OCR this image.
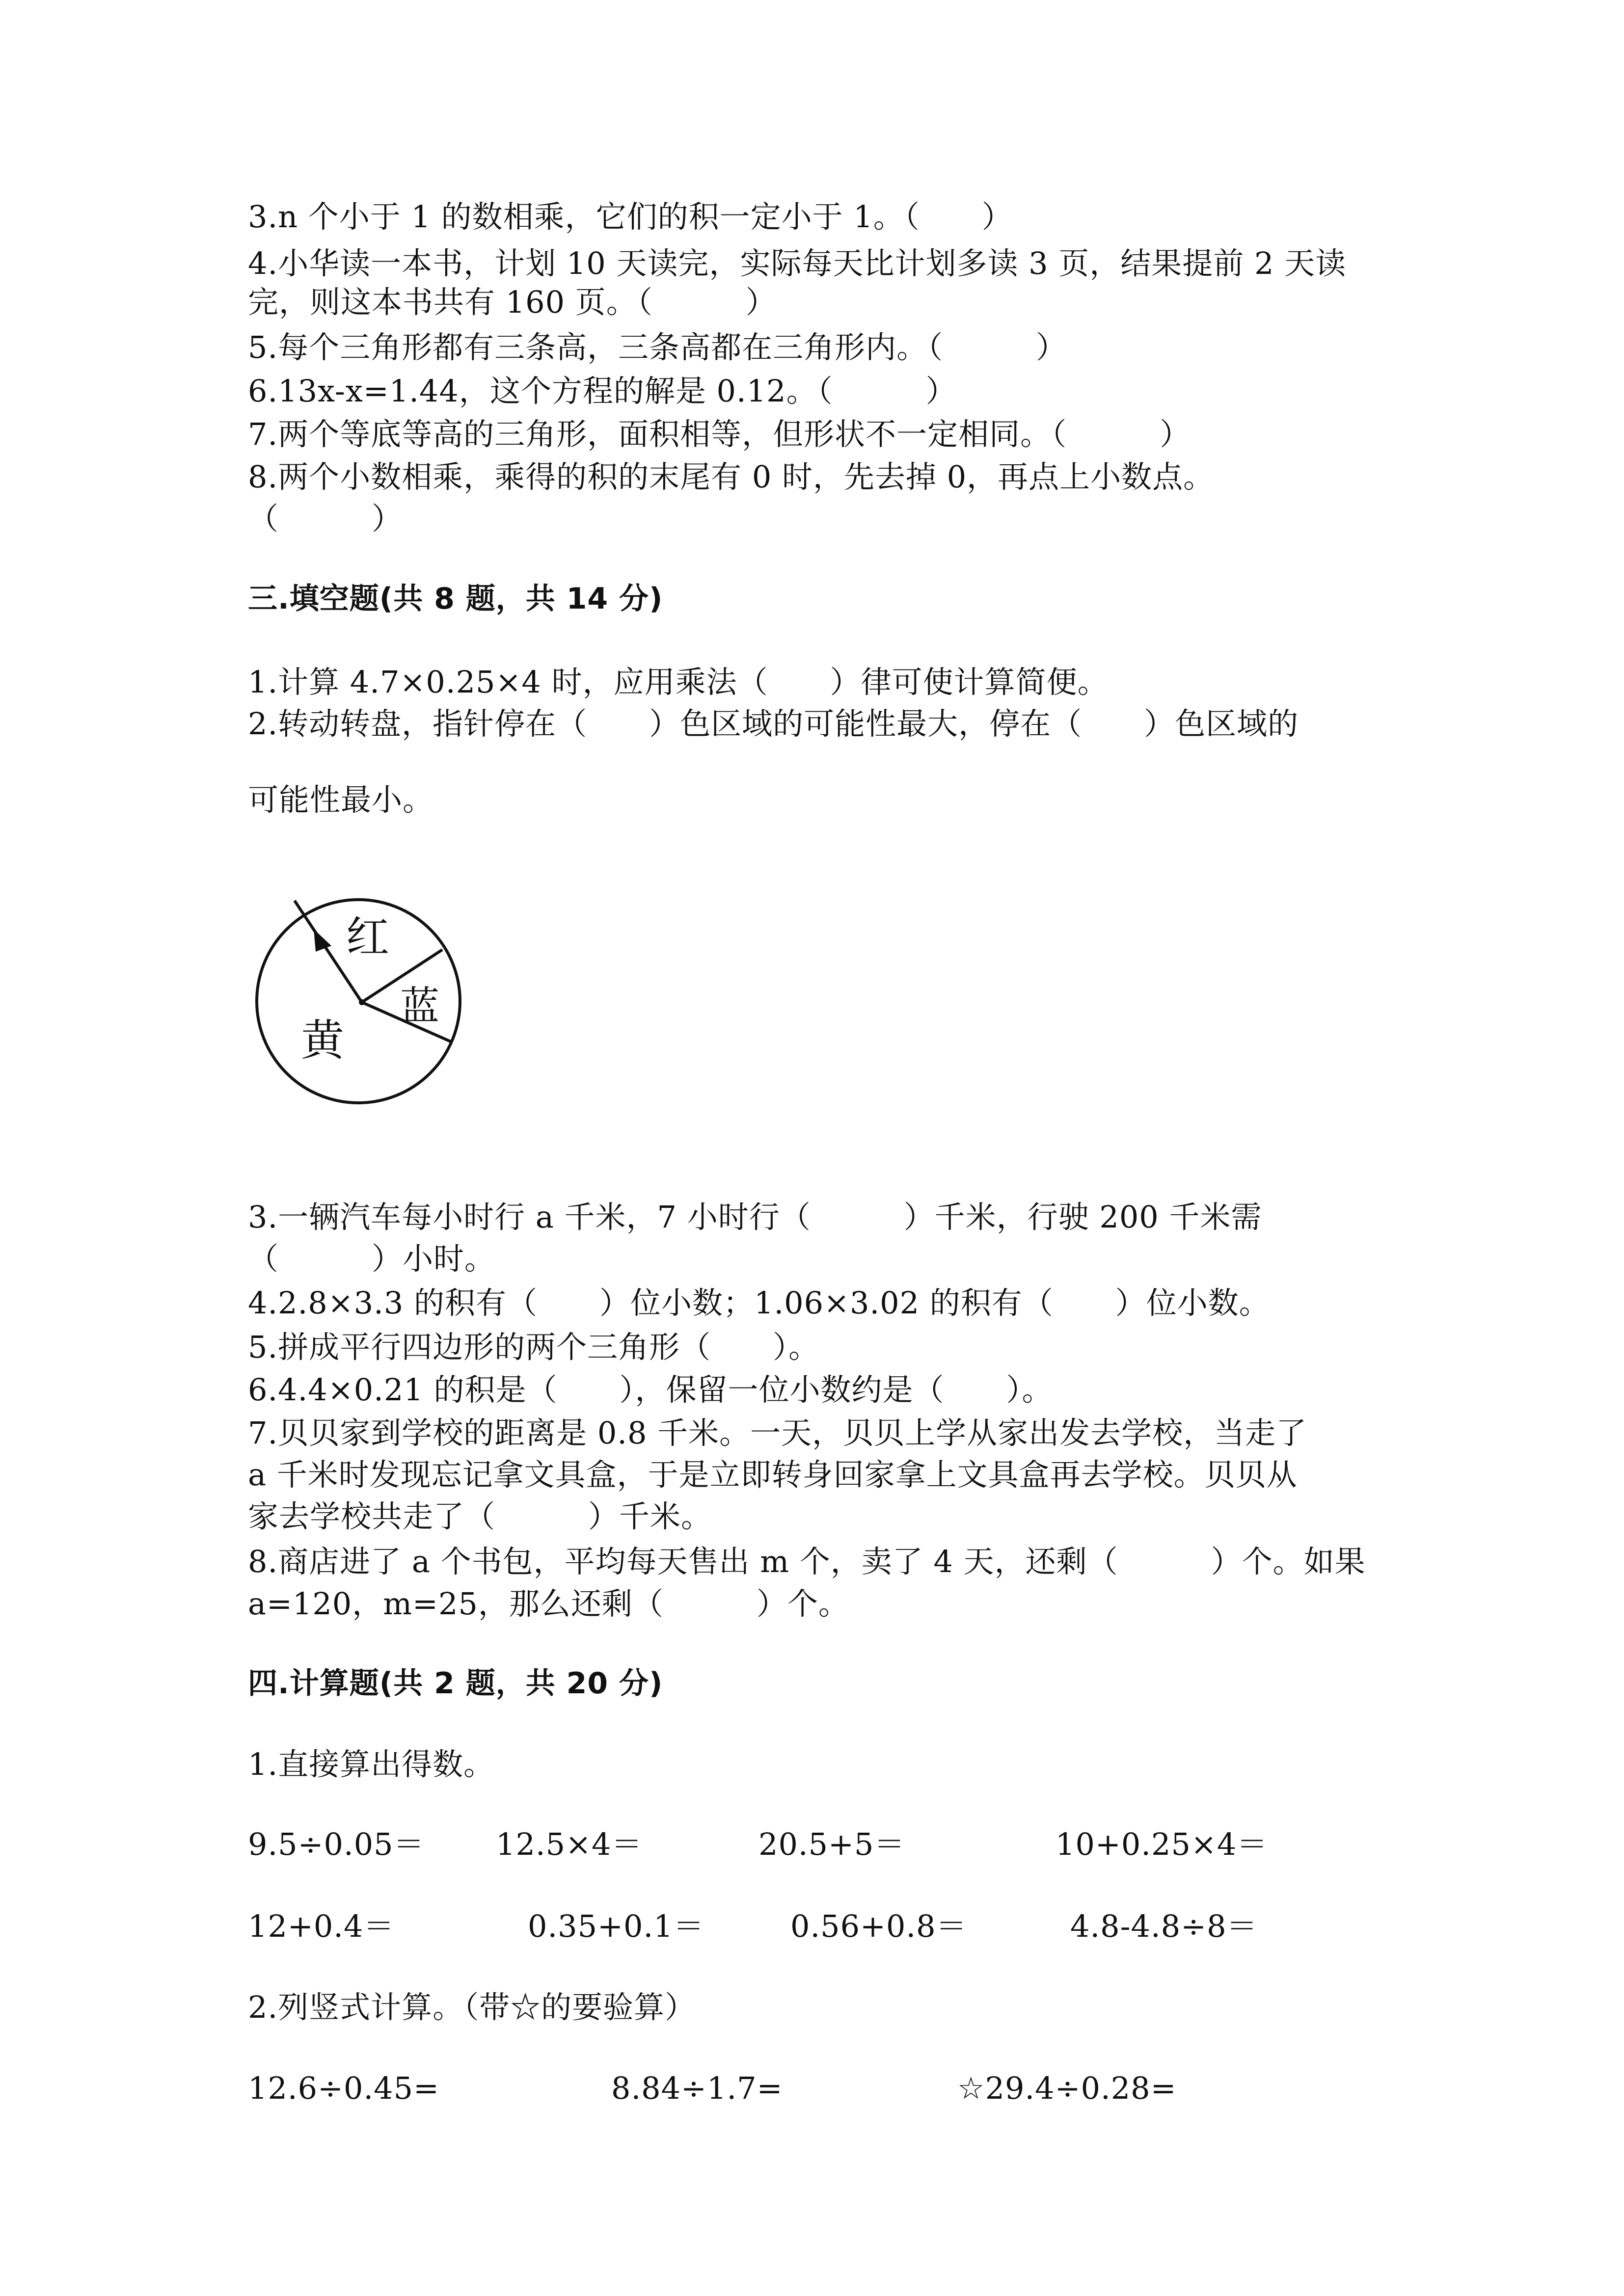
3.n 个小于 1 的数相乘，它们的积一定小于 1。（　　）
4.小华读一本书，计划 10 天读完，实际每天比计划多读 3 页，结果提前 2 天读
完，则这本书共有 160 页。（　　　）
5.每个三角形都有三条高，三条高都在三角形内。（　　　）
6.13x-x=1.44，这个方程的解是 0.12。（　　　）
7.两个等底等高的三角形，面积相等，但形状不一定相同。（　　　）
8.两个小数相乘，乘得的积的末尾有 0 时，先去掉 0，再点上小数点。
（　　　）
三.填空题(共 8 题，共 14 分)
1.计算 4.7×0.25×4 时，应用乘法（　　）律可使计算简便。
2.转动转盘，指针停在（　　）色区域的可能性最大，停在（　　）色区域的
可能性最小。
红
蓝
黄
3.一辆汽车每小时行 a 千米，7 小时行（　　　）千米，行驶 200 千米需
（　　　）小时。
4.2.8×3.3 的积有（　　）位小数；1.06×3.02 的积有（　　）位小数。
5.拼成平行四边形的两个三角形（　　）。
6.4.4×0.21 的积是（　　），保留一位小数约是（　　）。
7.贝贝家到学校的距离是 0.8 千米。一天，贝贝上学从家出发去学校，当走了
a 千米时发现忘记拿文具盒，于是立即转身回家拿上文具盒再去学校。贝贝从
家去学校共走了（　　　）千米。
8.商店进了 a 个书包，平均每天售出 m 个，卖了 4 天，还剩（　　　）个。如果
a=120，m=25，那么还剩（　　　）个。
四.计算题(共 2 题，共 20 分)
1.直接算出得数。
9.5÷0.05＝ 12.5×4＝	20.5+5＝	10+0.25×4＝
12+0.4＝	0.35+0.1＝	0.56+0.8＝	4.8-4.8÷8＝
2.列竖式计算。（带☆的要验算）
12.6÷0.45=	8.84÷1.7=	☆29.4÷0.28=
